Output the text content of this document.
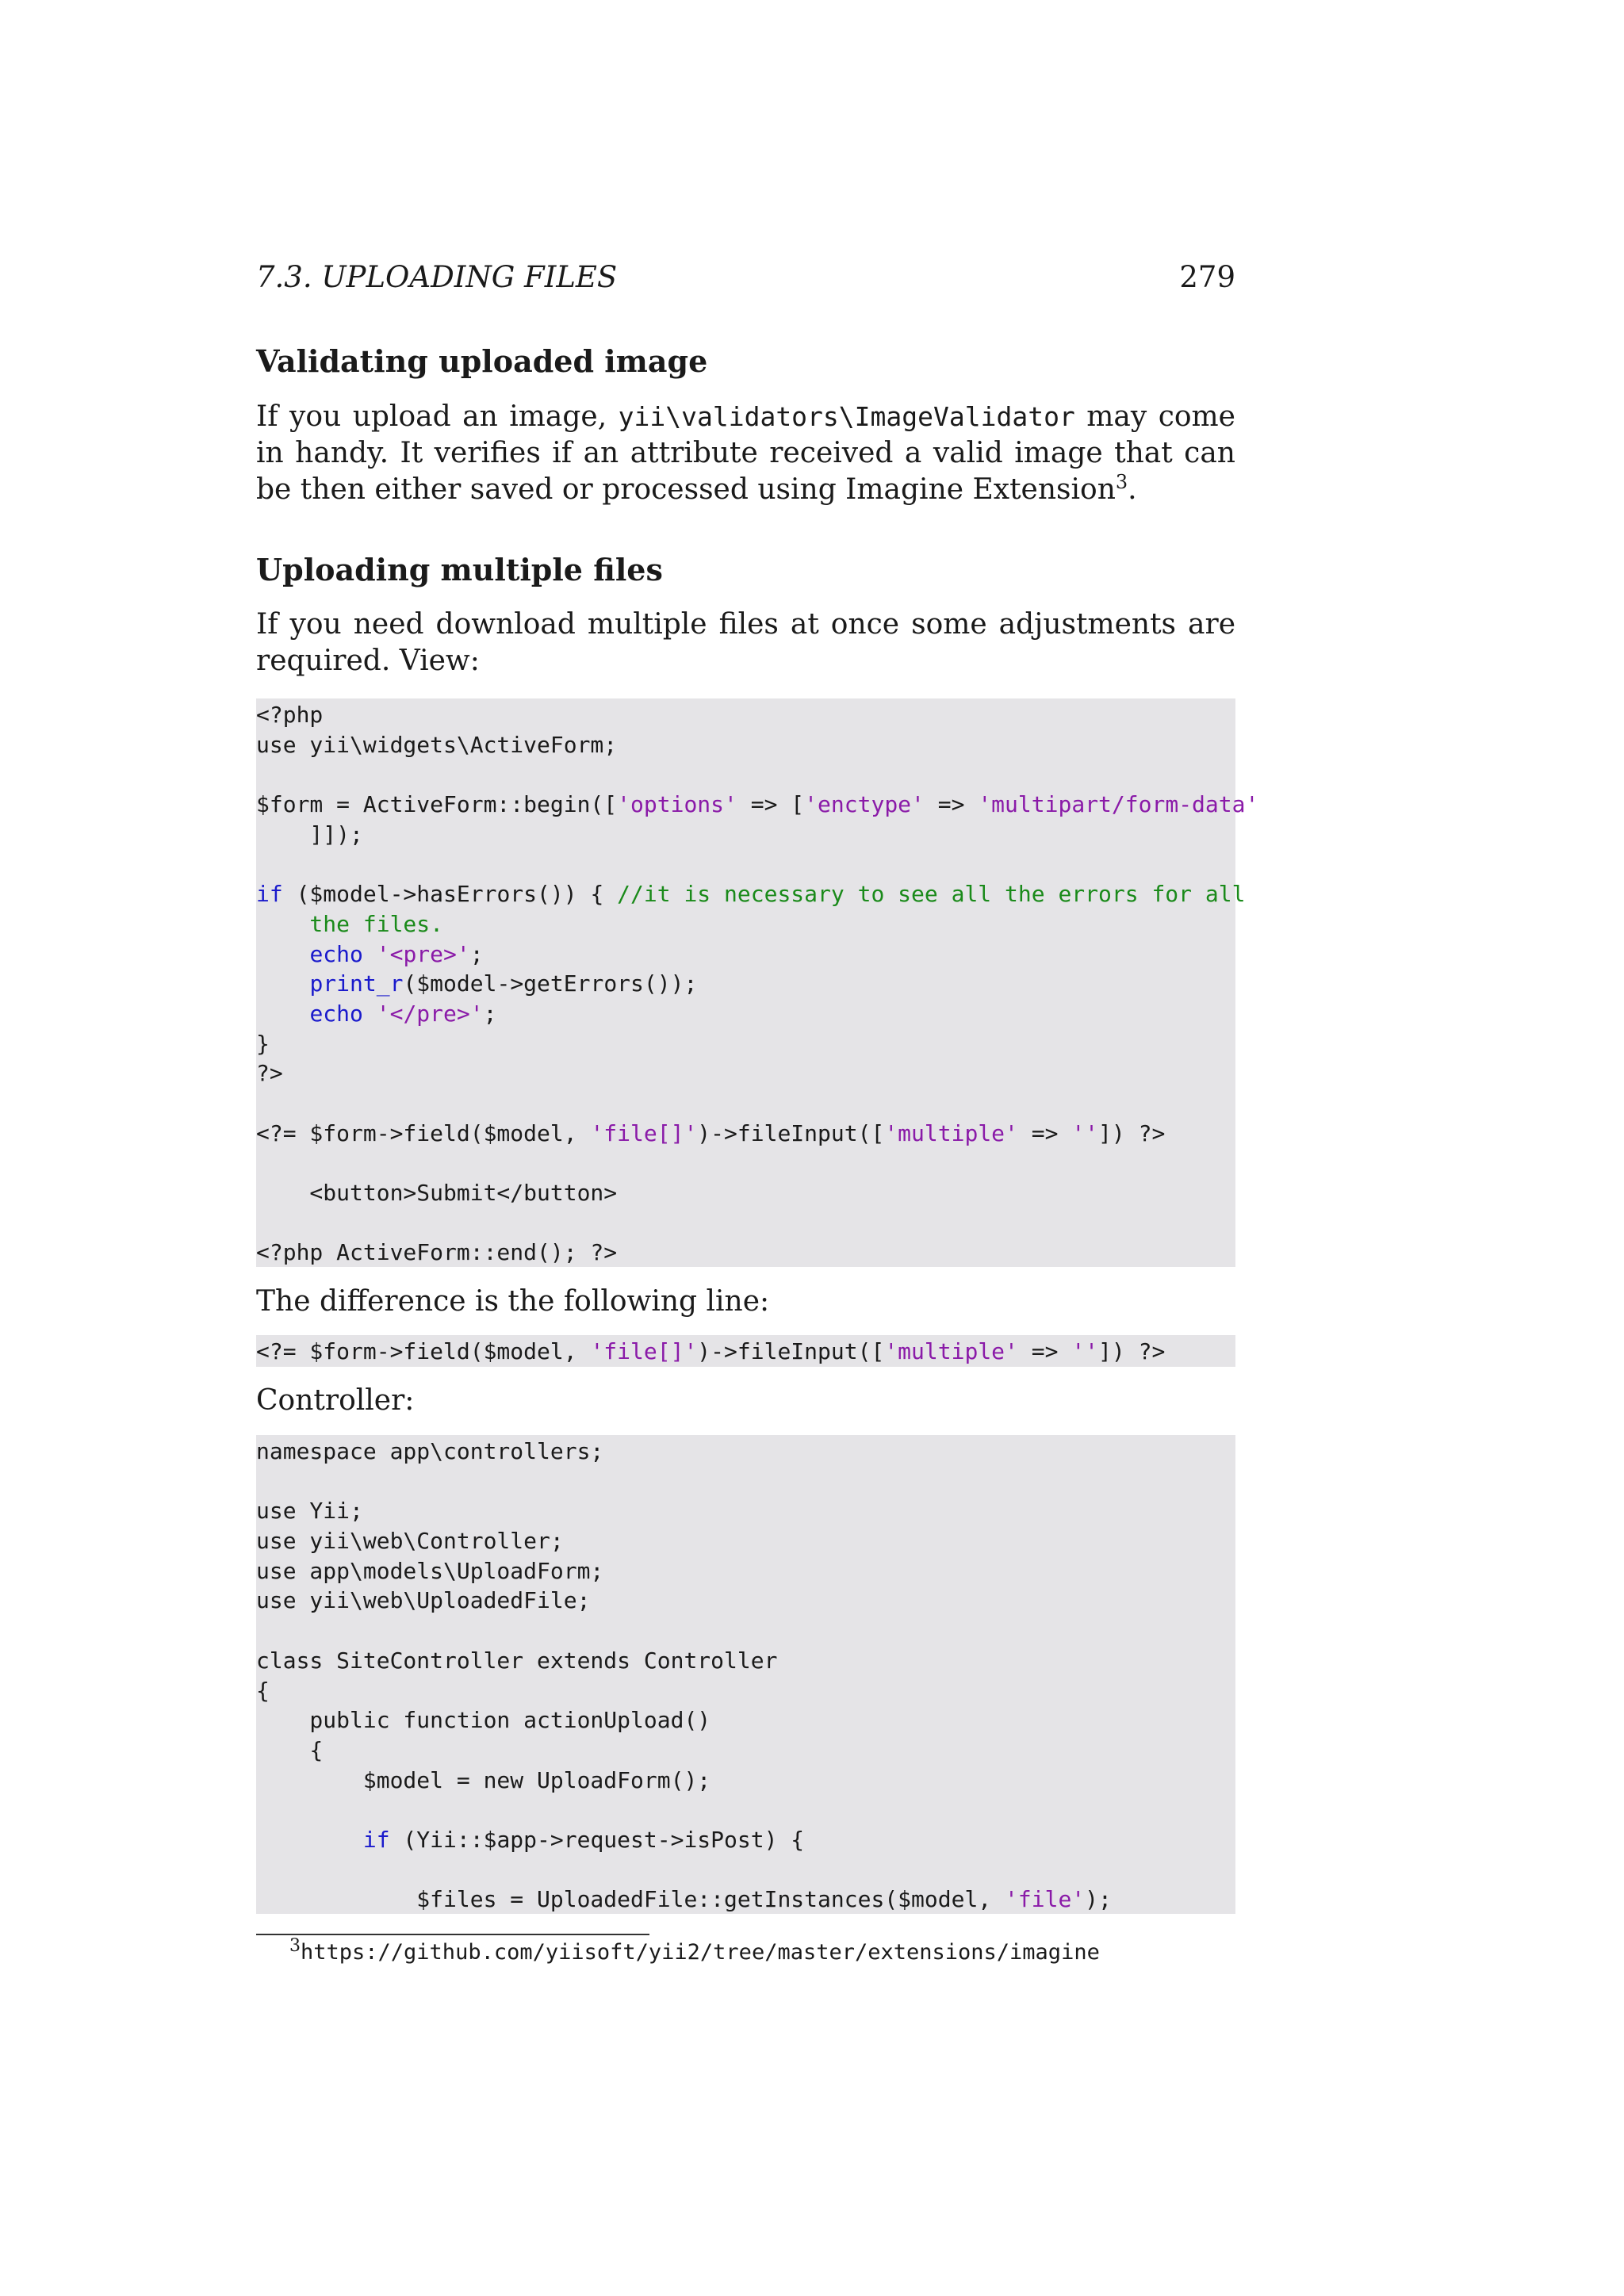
7.3. UPLOADING FILES	279
Validating uploaded image

If you upload an image, yii\validators\ImageValidator may come in handy. It verifies if an attribute received a valid image that can be then either saved or processed using Imagine Extension$^3$.

Uploading multiple files

If you need download multiple files at once some adjustments are required. View:

<?php
use yii\widgets\ActiveForm;
$form = ActiveForm::begin(['options' => ['enctype' => 'multipart/form-data'
]]);
if ($model->hasErrors()) { //it is necessary to see all the errors for all
the files.
echo '<pre>';
print_r($model->getErrors());
echo '</pre>';
}
?>
<?= $form->field($model, 'file[]')->fileInput(['multiple' => '']) ?>
<button>Submit</button>
<?php ActiveForm::end(); ?>

The difference is the following line:

<?= $form->field($model, 'file[]')->fileInput(['multiple' => '']) ?>

Controller:

namespace app\controllers;
use Yii;
use yii\web\Controller;
use app\models\UploadForm;
use yii\web\UploadedFile;
class SiteController extends Controller
{
public function actionUpload()
{
$model = new UploadForm();
if (Yii::$app->request->isPost) {
$files = UploadedFile::getInstances($model, 'file');
$^3$https://github.com/yiisoft/yii2/tree/master/extensions/imagine
